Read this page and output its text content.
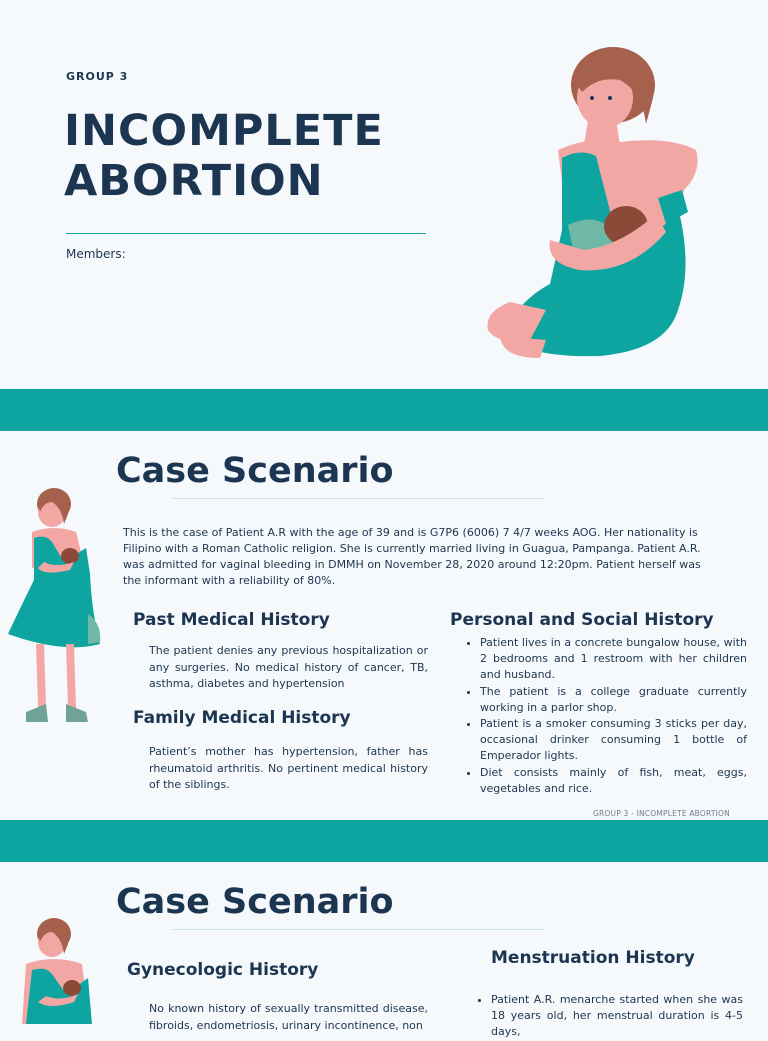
GROUP 3
INCOMPLETE
ABORTION
Members:
Case Scenario
This is the case of Patient A.R with the age of 39 and is G7P6 (6006) 7 4/7 weeks AOG. Her nationality is Filipino with a Roman Catholic religion. She is currently married living in Guagua, Pampanga. Patient A.R. was admitted for vaginal bleeding in DMMH on November 28, 2020 around 12:20pm. Patient herself was the informant with a reliability of 80%.
Past Medical History
The patient denies any previous hospitalization or any surgeries. No medical history of cancer, TB, asthma, diabetes and hypertension
Family Medical History
Patient’s mother has hypertension, father has rheumatoid arthritis. No pertinent medical history of the siblings.
Personal and Social History
• Patient lives in a concrete bungalow house, with 2 bedrooms and 1 restroom with her children and husband.
• The patient is a college graduate currently working in a parlor shop.
• Patient is a smoker consuming 3 sticks per day, occasional drinker consuming 1 bottle of Emperador lights.
• Diet consists mainly of fish, meat, eggs, vegetables and rice.
GROUP 3 - INCOMPLETE ABORTION
Case Scenario
Gynecologic History
No known history of sexually transmitted disease, fibroids, endometriosis, urinary incontinence, non
Menstruation History
• Patient A.R. menarche started when she was 18 years old, her menstrual duration is 4-5 days,
